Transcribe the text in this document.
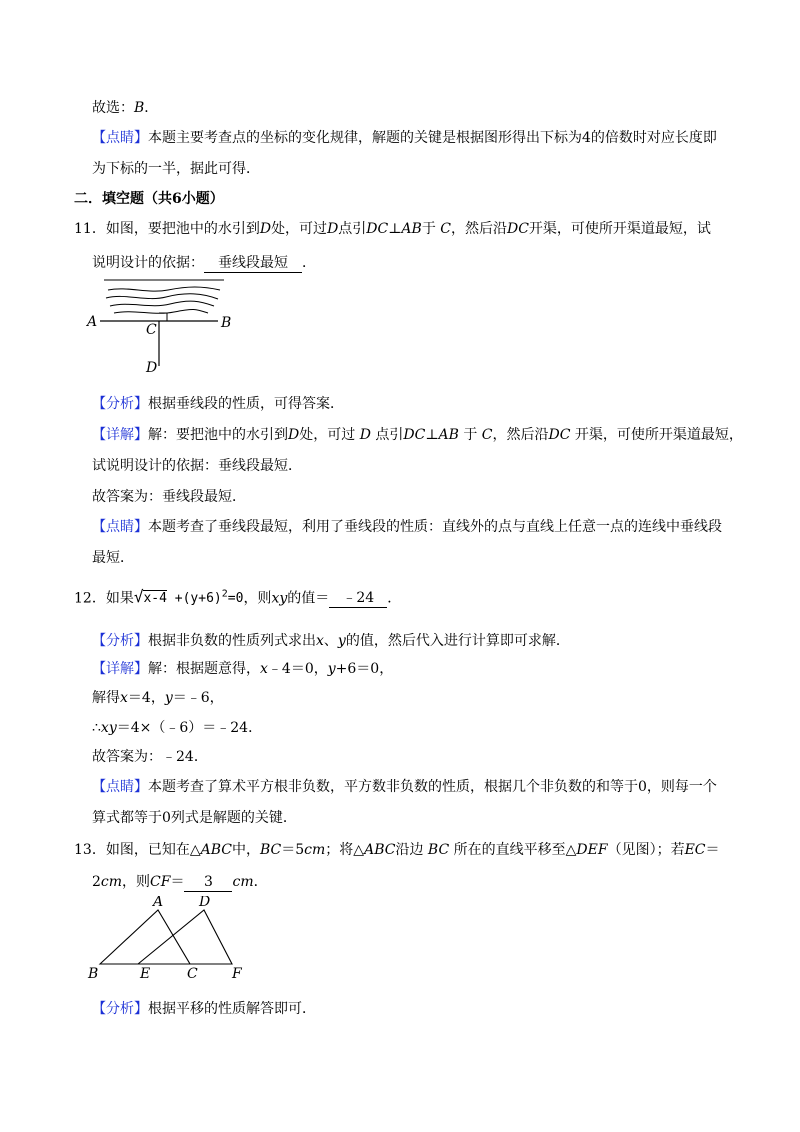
故选：B．
【点睛】本题主要考查点的坐标的变化规律，解题的关键是根据图形得出下标为4的倍数时对应长度即
为下标的一半，据此可得．
二．填空题（共6小题）
11．如图，要把池中的水引到D处，可过D点引DC⊥AB于 C，然后沿DC开渠，可使所开渠道最短，试
说明设计的依据： 垂线段最短 ．
A	B
C
D
【分析】根据垂线段的性质，可得答案．
【详解】解：要把池中的水引到D处，可过 D 点引DC⊥AB 于 C，然后沿DC 开渠，可使所开渠道最短，
试说明设计的依据：垂线段最短．
故答案为：垂线段最短．
【点睛】本题考查了垂线段最短，利用了垂线段的性质：直线外的点与直线上任意一点的连线中垂线段
最短．
12．如果$√x-4 +(y+6)^2=0$，则xy的值＝ ﹣24 ．
【分析】根据非负数的性质列式求出x、y的值，然后代入进行计算即可求解．
【详解】解：根据题意得，x﹣4＝0，y+6＝0，
解得x＝4，y＝﹣6，
∴xy＝4×（﹣6）＝﹣24．
故答案为：﹣24．
【点睛】本题考查了算术平方根非负数，平方数非负数的性质，根据几个非负数的和等于0，则每一个
算式都等于0列式是解题的关键．
13．如图，已知在△ABC中，BC＝5cm；将△ABC沿边 BC 所在的直线平移至△DEF（见图）；若EC＝
2cm，则CF＝ 3 cm．
A	D
B	E	C F
【分析】根据平移的性质解答即可．
